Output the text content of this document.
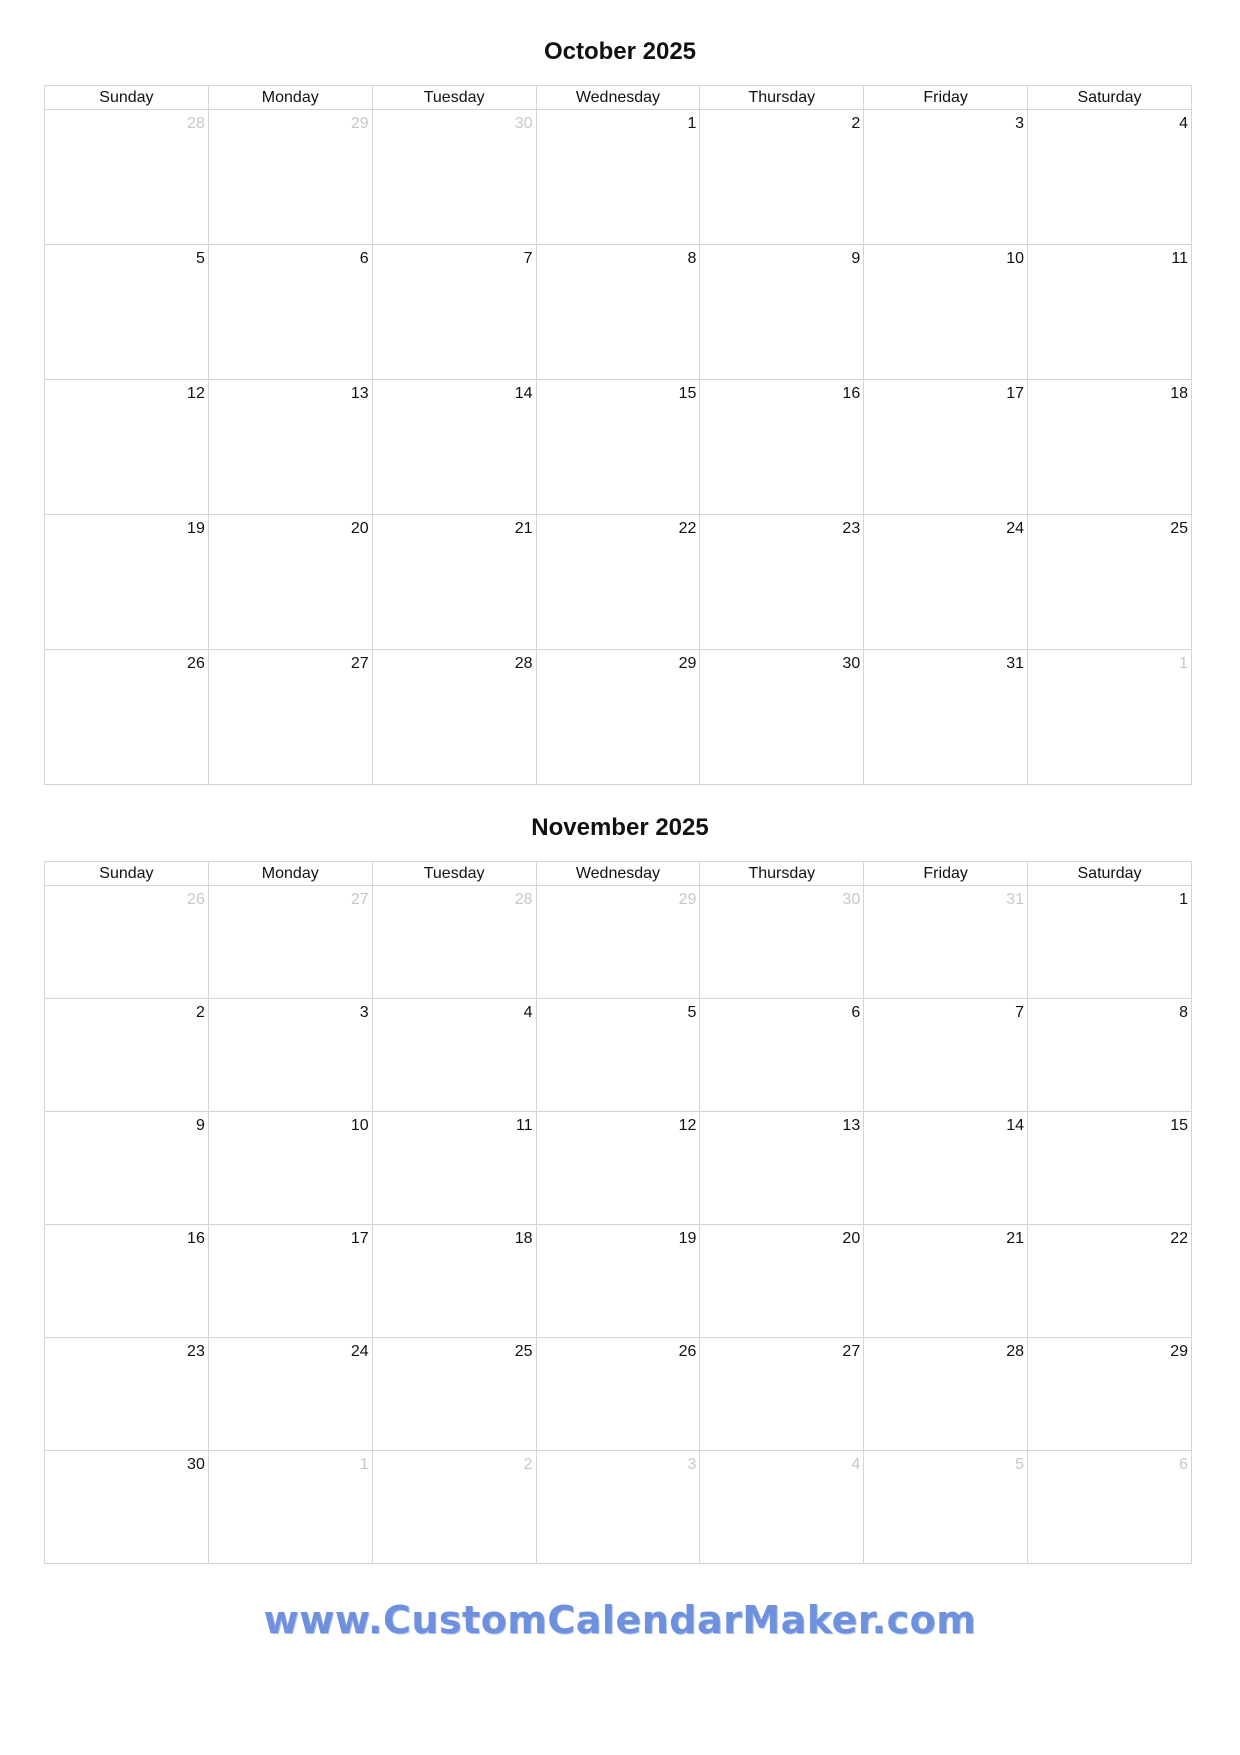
October 2025
Sunday	Monday	Tuesday	Wednesday	Thursday	Friday	Saturday

28	29	30	1	2	3	4

5	6	7	8	9	10	11

12	13	14	15	16	17	18

19	20	21	22	23	24	25

26	27	28	29	30	31	1
November 2025
Sunday	Monday	Tuesday	Wednesday	Thursday	Friday	Saturday

26	27	28	29	30	31	1

2	3	4	5	6	7	8

9	10	11	12	13	14	15

16	17	18	19	20	21	22

23	24	25	26	27	28	29

30	1	2	3	4	5	6
www.CustomCalendarMaker.com
